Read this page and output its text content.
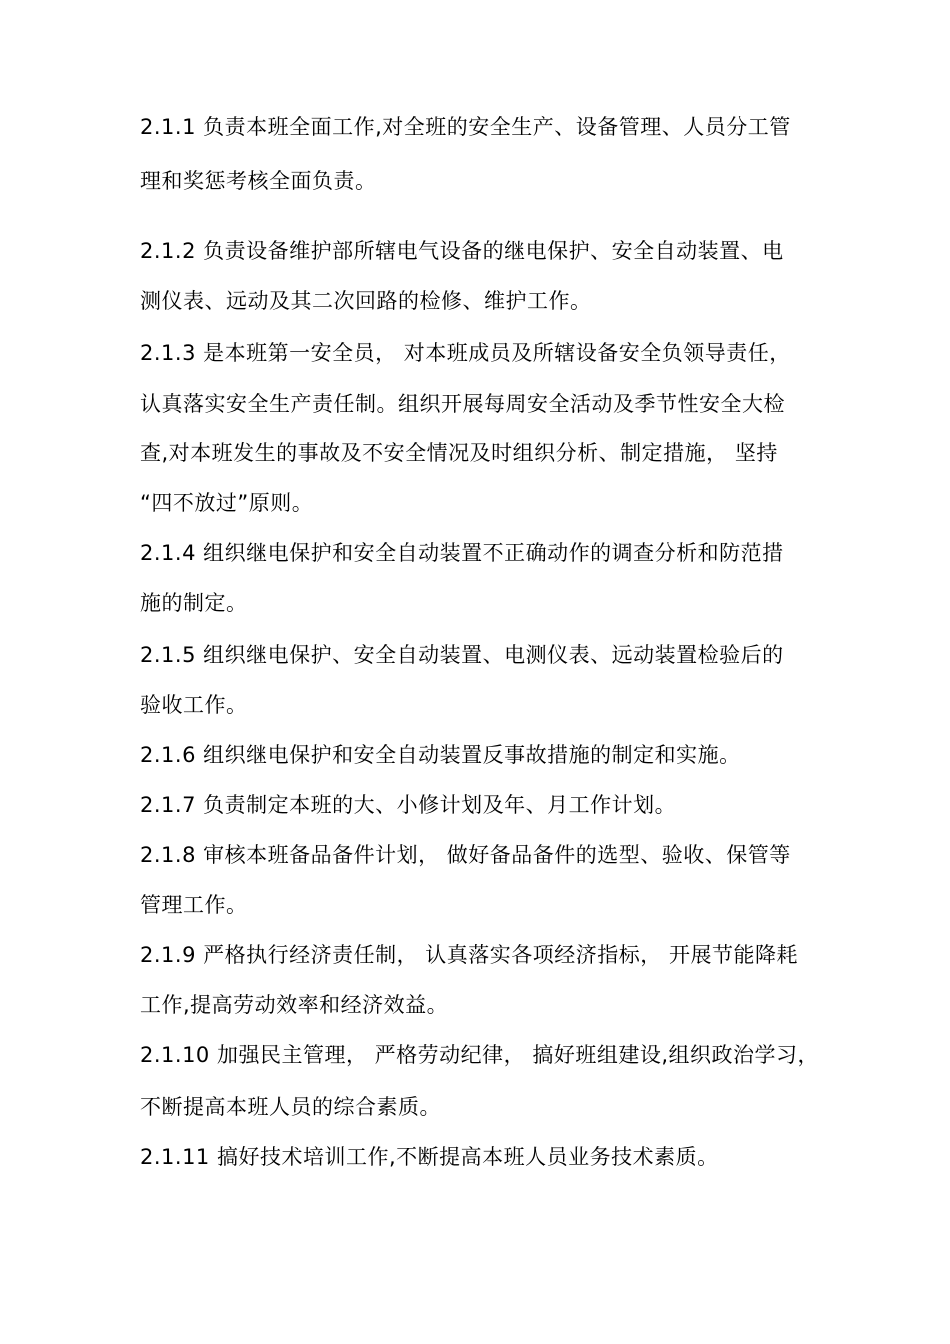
2.1.1 负责本班全面工作,对全班的安全生产、设备管理、人员分工管
理和奖惩考核全面负责。
2.1.2 负责设备维护部所辖电气设备的继电保护、安全自动装置、电
测仪表、远动及其二次回路的检修、维护工作。
2.1.3 是本班第一安全员， 对本班成员及所辖设备安全负领导责任，
认真落实安全生产责任制。组织开展每周安全活动及季节性安全大检
查,对本班发生的事故及不安全情况及时组织分析、制定措施， 坚持
“四不放过”原则。
2.1.4 组织继电保护和安全自动装置不正确动作的调查分析和防范措
施的制定。
2.1.5 组织继电保护、安全自动装置、电测仪表、远动装置检验后的
验收工作。
2.1.6 组织继电保护和安全自动装置反事故措施的制定和实施。
2.1.7 负责制定本班的大、小修计划及年、月工作计划。
2.1.8 审核本班备品备件计划， 做好备品备件的选型、验收、保管等
管理工作。
2.1.9 严格执行经济责任制， 认真落实各项经济指标， 开展节能降耗
工作,提高劳动效率和经济效益。
2.1.10 加强民主管理， 严格劳动纪律， 搞好班组建设,组织政治学习，
不断提高本班人员的综合素质。
2.1.11 搞好技术培训工作,不断提高本班人员业务技术素质。
